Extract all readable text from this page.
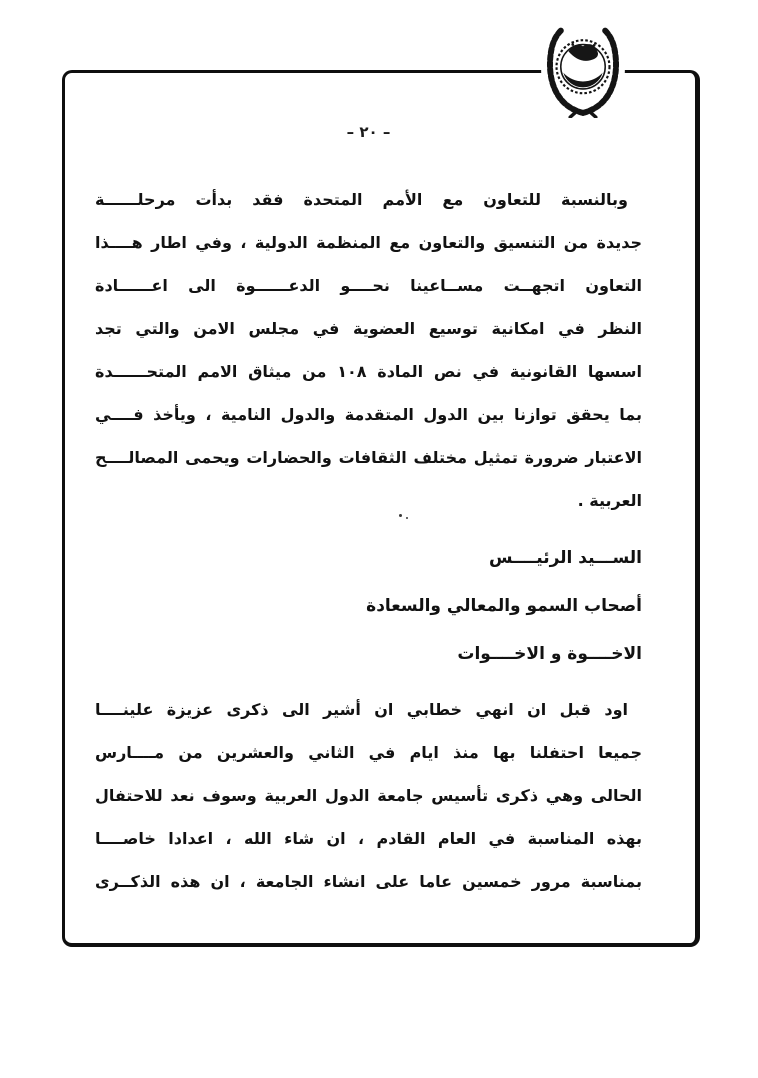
– ٢٠ –
وبالنسبة للتعاون مع الأمم المتحدة فقد بدأت مرحلــــــة
جديدة من التنسيق والتعاون مع المنظمة الدولية ، وفي اطار هــــذا
التعاون اتجهــت مســاعينا نحــــو الدعــــــوة الى اعــــــادة
النظر في امكانية توسيع العضوية في مجلس الامن والتي تجد
اسسها القانونية في نص المادة ١٠٨ من ميثاق الامم المتحــــــدة
بما يحقق توازنا بين الدول المتقدمة والدول النامية ، ويأخذ فــــي
الاعتبار ضرورة تمثيل مختلف الثقافات والحضارات ويحمى المصالــــح
العربية .
الســـيد الرئيــــس
أصحاب السمو والمعالي والسعادة
الاخــــوة و الاخــــوات
اود قبل ان انهي خطابي ان أشير الى ذكرى عزيزة علينــــا
جميعا احتفلنا بها منذ ايام في الثاني والعشرين من مــــارس
الحالى وهي ذكرى تأسيس جامعة الدول العربية وسوف نعد للاحتفال
بهذه المناسبة في العام القادم ، ان شاء الله ، اعدادا خاصــــا
بمناسبة مرور خمسين عاما على انشاء الجامعة ، ان هذه الذكــرى
